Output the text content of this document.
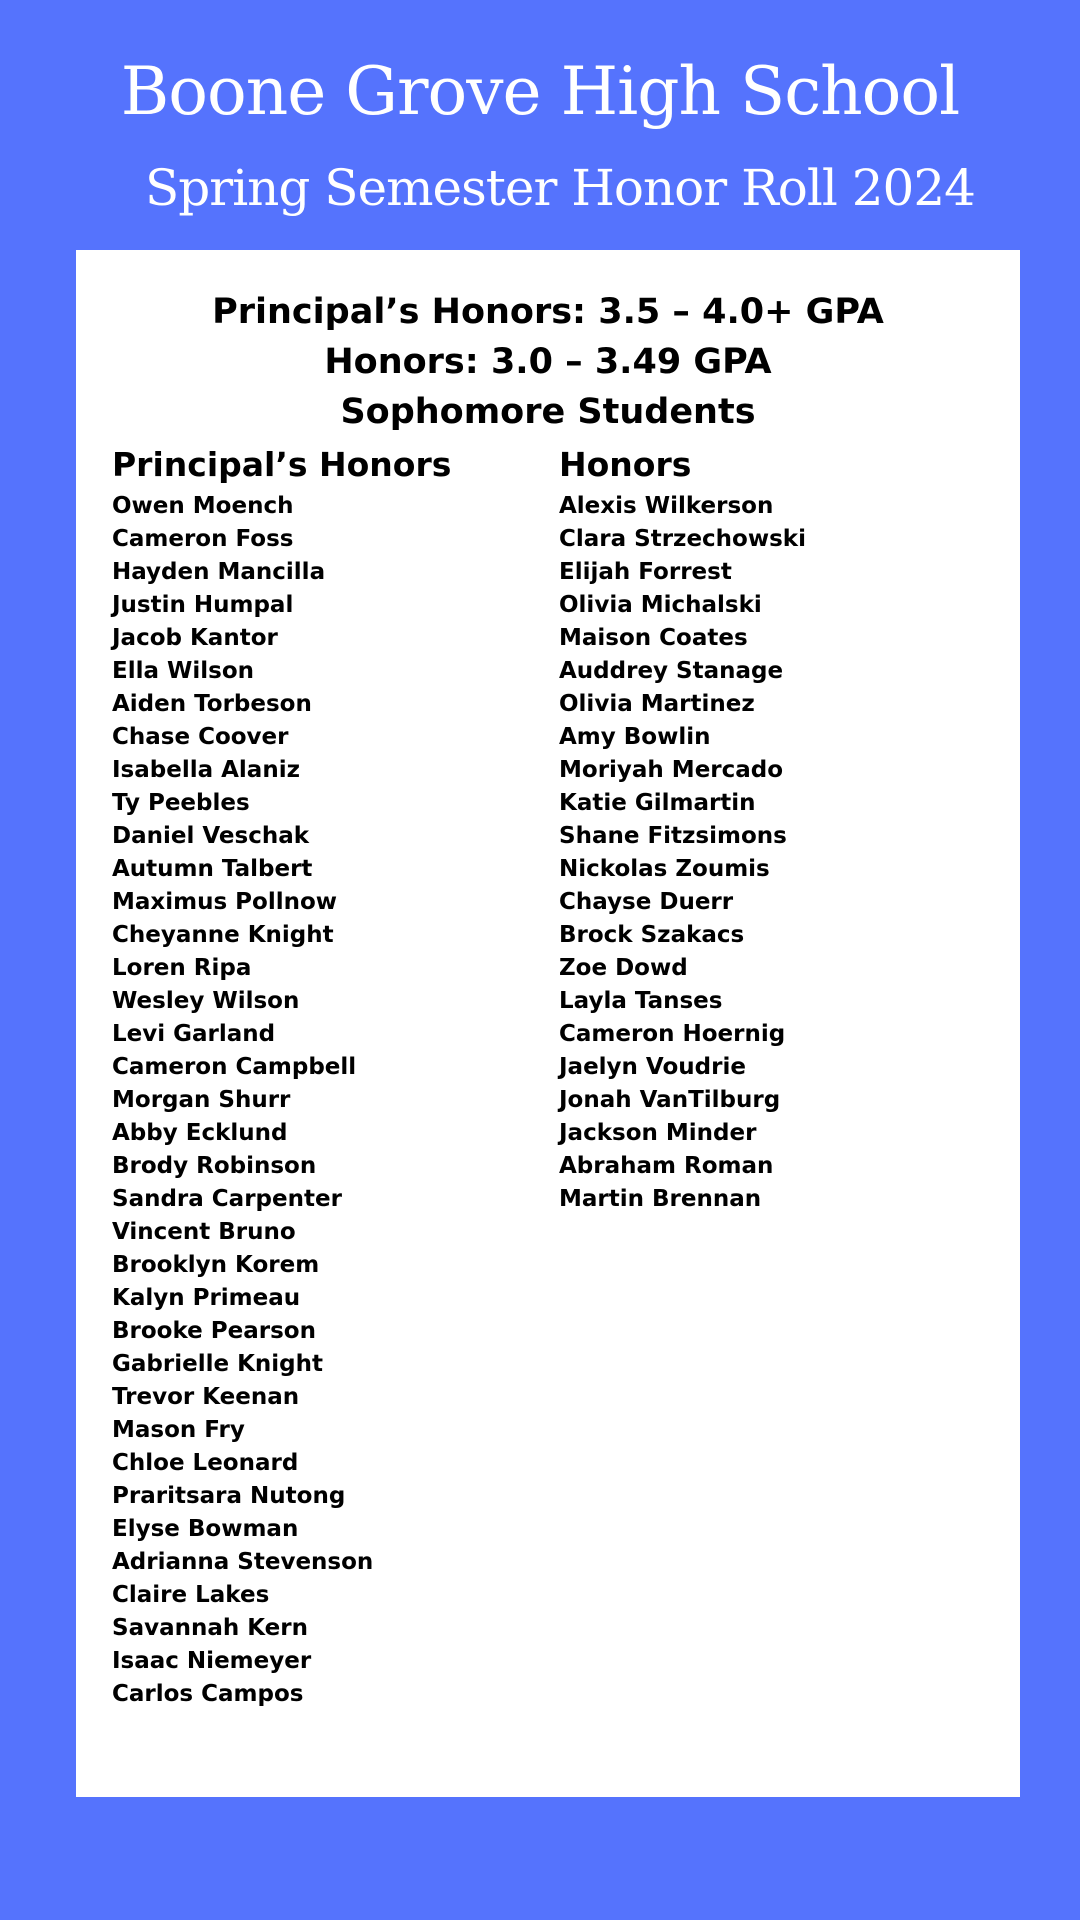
Boone Grove High School
Spring Semester Honor Roll 2024
Principal’s Honors: 3.5 – 4.0+ GPA
Honors: 3.0 – 3.49 GPA
Sophomore Students
Principal’s Honors
Owen Moench
Cameron Foss
Hayden Mancilla
Justin Humpal
Jacob Kantor
Ella Wilson
Aiden Torbeson
Chase Coover
Isabella Alaniz
Ty Peebles
Daniel Veschak
Autumn Talbert
Maximus Pollnow
Cheyanne Knight
Loren Ripa
Wesley Wilson
Levi Garland
Cameron Campbell
Morgan Shurr
Abby Ecklund
Brody Robinson
Sandra Carpenter
Vincent Bruno
Brooklyn Korem
Kalyn Primeau
Brooke Pearson
Gabrielle Knight
Trevor Keenan
Mason Fry
Chloe Leonard
Praritsara Nutong
Elyse Bowman
Adrianna Stevenson
Claire Lakes
Savannah Kern
Isaac Niemeyer
Carlos Campos
Honors
Alexis Wilkerson
Clara Strzechowski
Elijah Forrest
Olivia Michalski
Maison Coates
Auddrey Stanage
Olivia Martinez
Amy Bowlin
Moriyah Mercado
Katie Gilmartin
Shane Fitzsimons
Nickolas Zoumis
Chayse Duerr
Brock Szakacs
Zoe Dowd
Layla Tanses
Cameron Hoernig
Jaelyn Voudrie
Jonah VanTilburg
Jackson Minder
Abraham Roman
Martin Brennan
